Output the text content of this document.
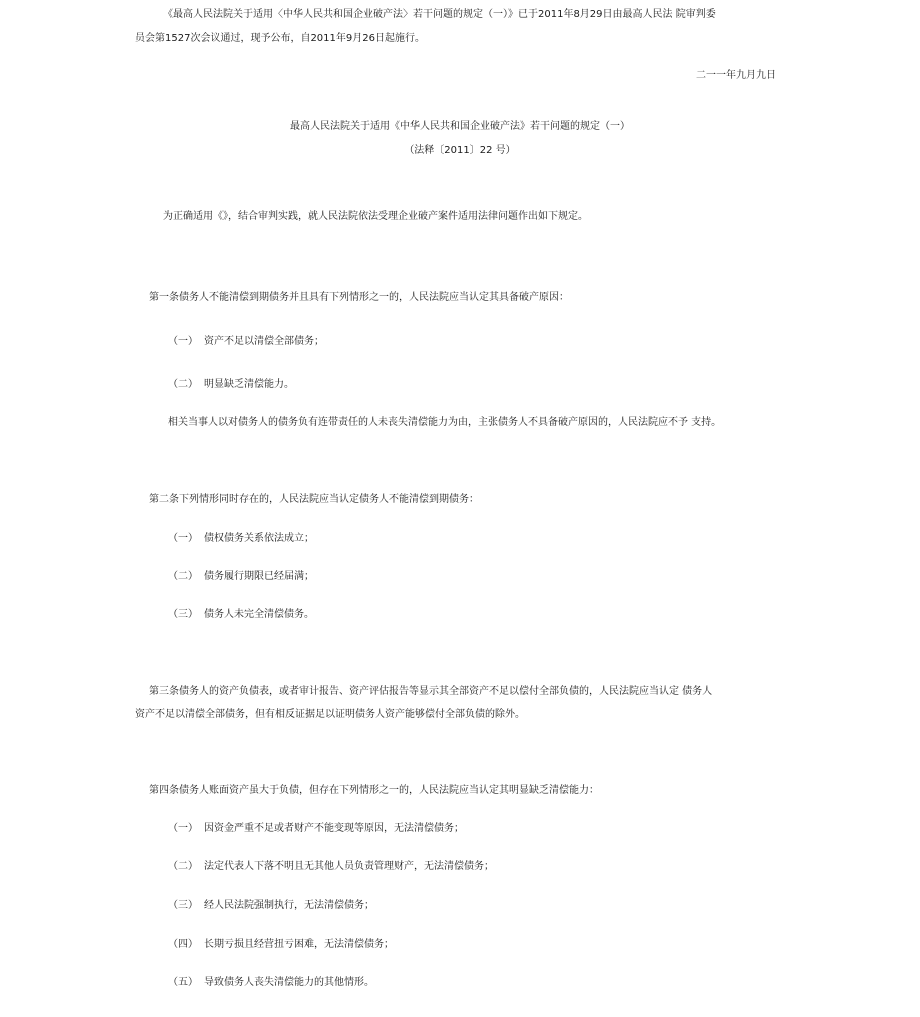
《最高人民法院关于适用〈中华人民共和国企业破产法〉若干问题的规定（一）》已于2011年8月29日由最高人民法 院审判委
员会第1527次会议通过，现予公布，自2011年9月26日起施行。
二一一年九月九日
最高人民法院关于适用《中华人民共和国企业破产法》若干问题的规定（一）
（法释〔2011〕22 号）
为正确适用《》，结合审判实践，就人民法院依法受理企业破产案件适用法律问题作出如下规定。
第一条债务人不能清偿到期债务并且具有下列情形之一的，人民法院应当认定其具备破产原因：
（一） 资产不足以清偿全部债务；
（二） 明显缺乏清偿能力。
相关当事人以对债务人的债务负有连带责任的人未丧失清偿能力为由，主张债务人不具备破产原因的，人民法院应不予 支持。
第二条下列情形同时存在的，人民法院应当认定债务人不能清偿到期债务：
（一） 债权债务关系依法成立；
（二） 债务履行期限已经届满；
（三） 债务人未完全清偿债务。
第三条债务人的资产负债表，或者审计报告、资产评估报告等显示其全部资产不足以偿付全部负债的，人民法院应当认定 债务人
资产不足以清偿全部债务，但有相反证据足以证明债务人资产能够偿付全部负债的除外。
第四条债务人账面资产虽大于负债，但存在下列情形之一的，人民法院应当认定其明显缺乏清偿能力：
（一） 因资金严重不足或者财产不能变现等原因，无法清偿债务；
（二） 法定代表人下落不明且无其他人员负责管理财产，无法清偿债务；
（三） 经人民法院强制执行，无法清偿债务；
（四） 长期亏损且经营扭亏困难，无法清偿债务；
（五） 导致债务人丧失清偿能力的其他情形。
